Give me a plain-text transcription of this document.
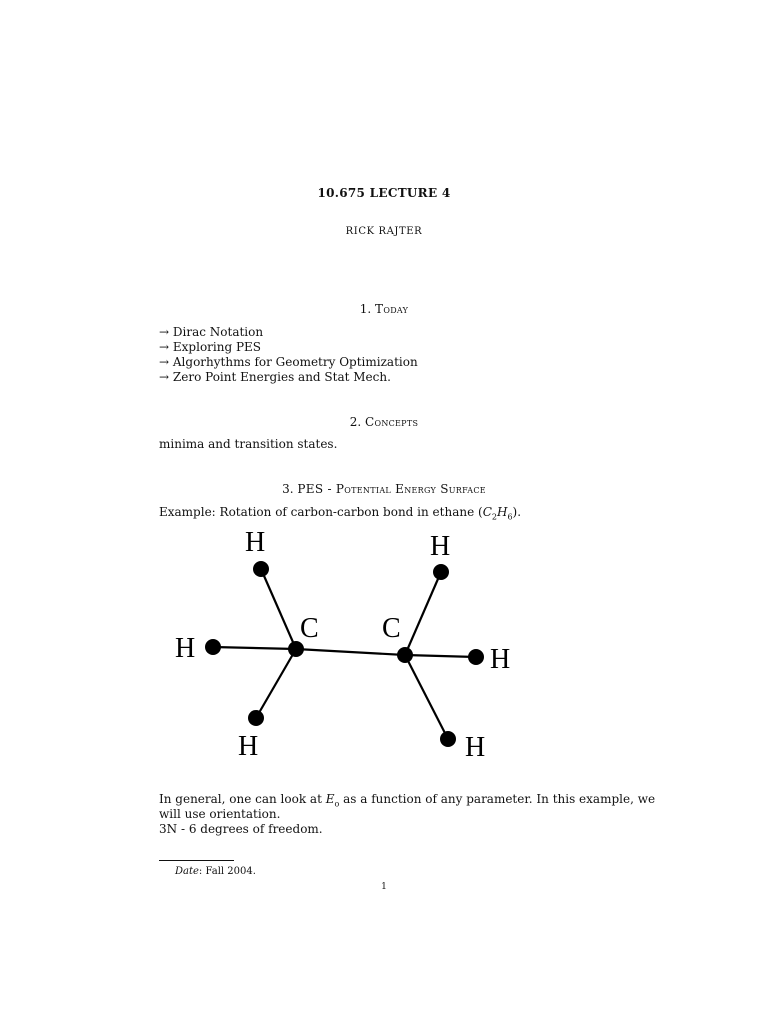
10.675 LECTURE 4
RICK RAJTER
1. Today
→ Dirac Notation
→ Exploring PES
→ Algorhythms for Geometry Optimization
→ Zero Point Energies and Stat Mech.
2. Concepts
minima and transition states.
3. PES - Potential Energy Surface
Example: Rotation of carbon-carbon bond in ethane $(C_2H_6)$.
C C
H
H
H
H
H
H
In general, one can look at $E_o$ as a function of any parameter. In this example, we
will use orientation.
3N - 6 degrees of freedom.
Date: Fall 2004.
1
